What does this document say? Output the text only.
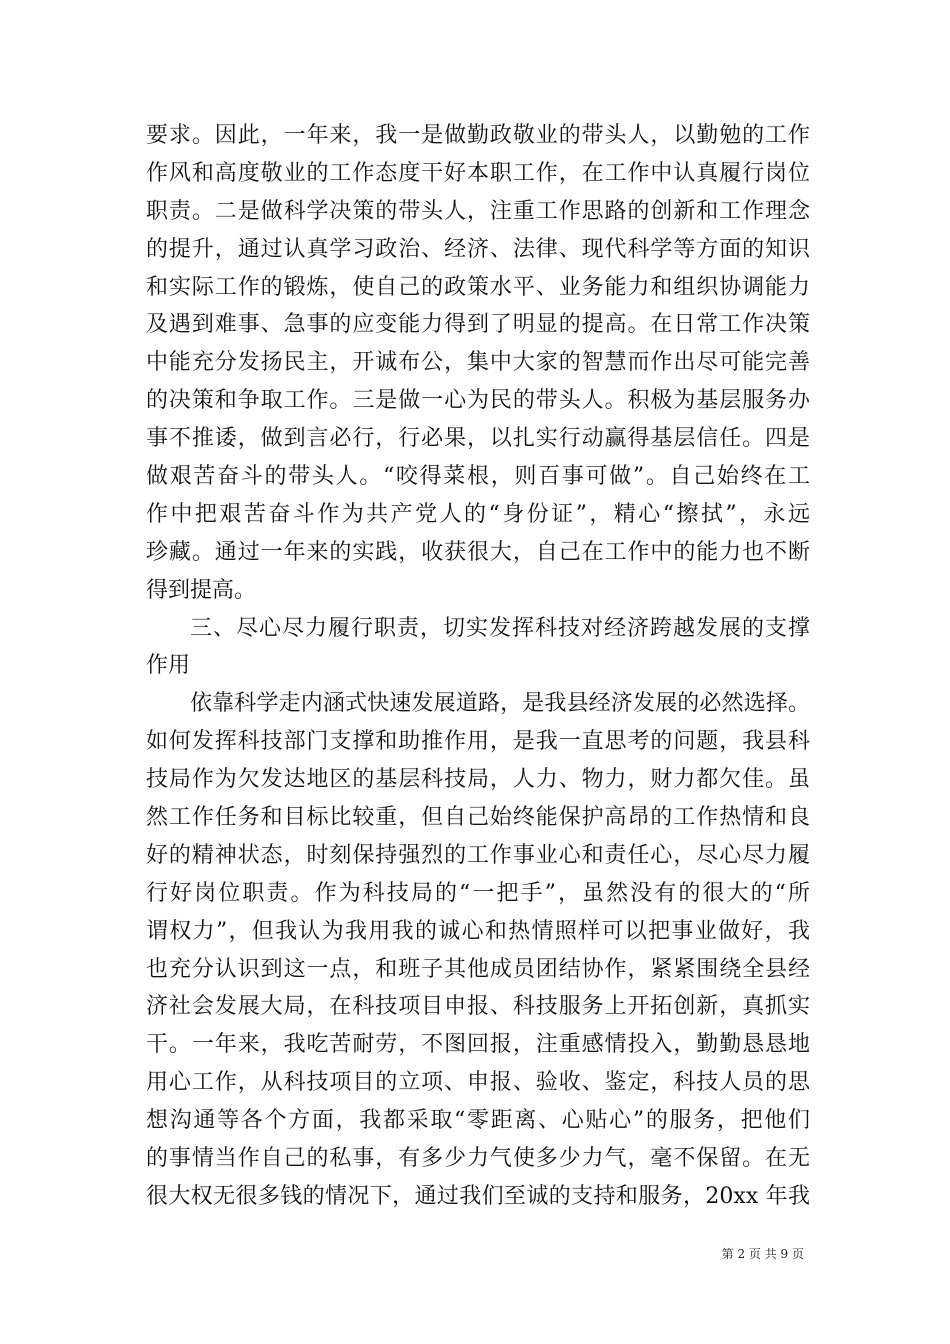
要求。因此，一年来，我一是做勤政敬业的带头人，以勤勉的工作
作风和高度敬业的工作态度干好本职工作，在工作中认真履行岗位
职责。二是做科学决策的带头人，注重工作思路的创新和工作理念
的提升，通过认真学习政治、经济、法律、现代科学等方面的知识
和实际工作的锻炼，使自己的政策水平、业务能力和组织协调能力
及遇到难事、急事的应变能力得到了明显的提高。在日常工作决策
中能充分发扬民主，开诚布公，集中大家的智慧而作出尽可能完善
的决策和争取工作。三是做一心为民的带头人。积极为基层服务办
事不推诿，做到言必行，行必果，以扎实行动赢得基层信任。四是
做艰苦奋斗的带头人。“咬得菜根，则百事可做”。自己始终在工
作中把艰苦奋斗作为共产党人的“身份证”，精心“擦拭”，永远
珍藏。通过一年来的实践，收获很大，自己在工作中的能力也不断
得到提高。
三、尽心尽力履行职责，切实发挥科技对经济跨越发展的支撑
作用
依靠科学走内涵式快速发展道路，是我县经济发展的必然选择。
如何发挥科技部门支撑和助推作用，是我一直思考的问题，我县科
技局作为欠发达地区的基层科技局，人力、物力，财力都欠佳。虽
然工作任务和目标比较重，但自己始终能保护高昂的工作热情和良
好的精神状态，时刻保持强烈的工作事业心和责任心，尽心尽力履
行好岗位职责。作为科技局的“一把手”，虽然没有的很大的“所
谓权力”，但我认为我用我的诚心和热情照样可以把事业做好，我
也充分认识到这一点，和班子其他成员团结协作，紧紧围绕全县经
济社会发展大局，在科技项目申报、科技服务上开拓创新，真抓实
干。一年来，我吃苦耐劳，不图回报，注重感情投入，勤勤恳恳地
用心工作，从科技项目的立项、申报、验收、鉴定，科技人员的思
想沟通等各个方面，我都采取“零距离、心贴心”的服务，把他们
的事情当作自己的私事，有多少力气使多少力气，毫不保留。在无
很大权无很多钱的情况下，通过我们至诚的支持和服务，20xx 年我
第 2 页 共 9 页
